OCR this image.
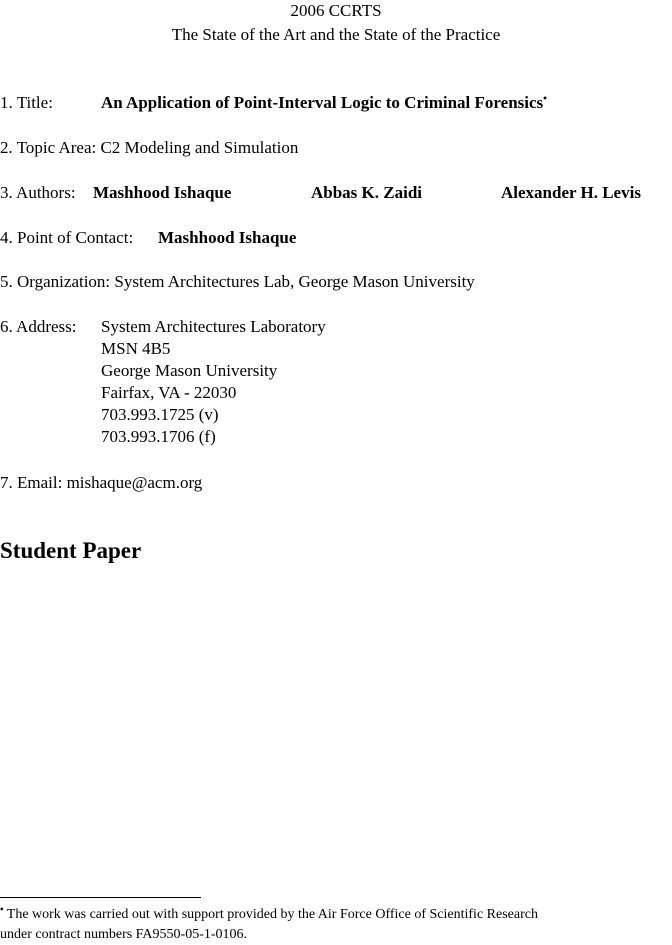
2006 CCRTS
The State of the Art and the State of the Practice
1. Title:	An Application of Point-Interval Logic to Criminal Forensics•
2. Topic Area: C2 Modeling and Simulation
3. Authors: Mashhood Ishaque	Abbas K. Zaidi	Alexander H. Levis
4. Point of Contact: Mashhood Ishaque
5. Organization: System Architectures Lab, George Mason University
6. Address: System Architectures Laboratory
MSN 4B5
George Mason University
Fairfax, VA - 22030
703.993.1725 (v)
703.993.1706 (f)
7. Email: mishaque@acm.org
Student Paper
• The work was carried out with support provided by the Air Force Office of Scientific Research
under contract numbers FA9550-05-1-0106.
